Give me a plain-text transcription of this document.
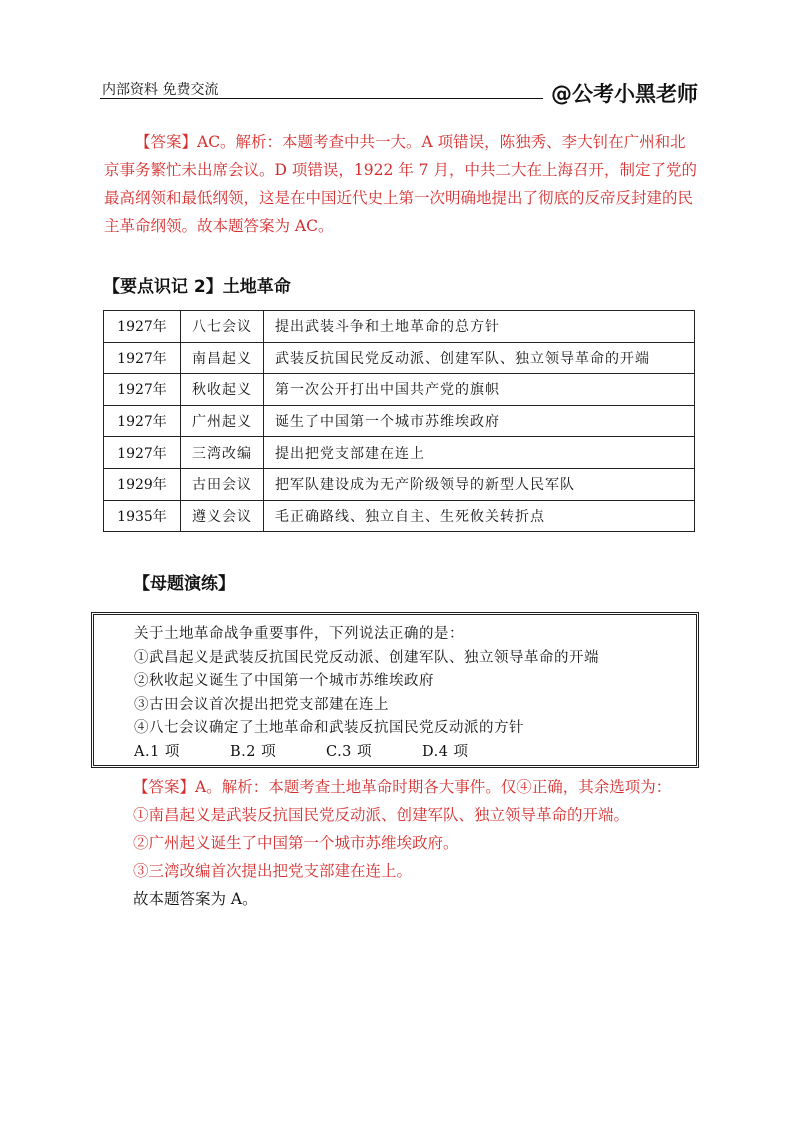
内部资料 免费交流	@公考小黑老师

【答案】AC。解析：本题考查中共一大。A 项错误，陈独秀、李大钊在广州和北

京事务繁忙未出席会议。D 项错误，1922 年 7 月，中共二大在上海召开，制定了党的

最高纲领和最低纲领，这是在中国近代史上第一次明确地提出了彻底的反帝反封建的民

主革命纲领。故本题答案为 AC。

【要点识记 2】土地革命
1927年	八七会议	提出武装斗争和土地革命的总方针
1927年	南昌起义	武装反抗国民党反动派、创建军队、独立领导革命的开端
1927年	秋收起义	第一次公开打出中国共产党的旗帜
1927年	广州起义	诞生了中国第一个城市苏维埃政府
1927年	三湾改编	提出把党支部建在连上
1929年	古田会议	把军队建设成为无产阶级领导的新型人民军队
1935年	遵义会议	毛正确路线、独立自主、生死攸关转折点
【母题演练】
关于土地革命战争重要事件，下列说法正确的是：
①武昌起义是武装反抗国民党反动派、创建军队、独立领导革命的开端
②秋收起义诞生了中国第一个城市苏维埃政府
③古田会议首次提出把党支部建在连上
④八七会议确定了土地革命和武装反抗国民党反动派的方针
A.1 项	B.2 项	C.3 项	D.4 项

【答案】A。解析：本题考查土地革命时期各大事件。仅④正确，其余选项为：

①南昌起义是武装反抗国民党反动派、创建军队、独立领导革命的开端。

②广州起义诞生了中国第一个城市苏维埃政府。

③三湾改编首次提出把党支部建在连上。

故本题答案为 A。
